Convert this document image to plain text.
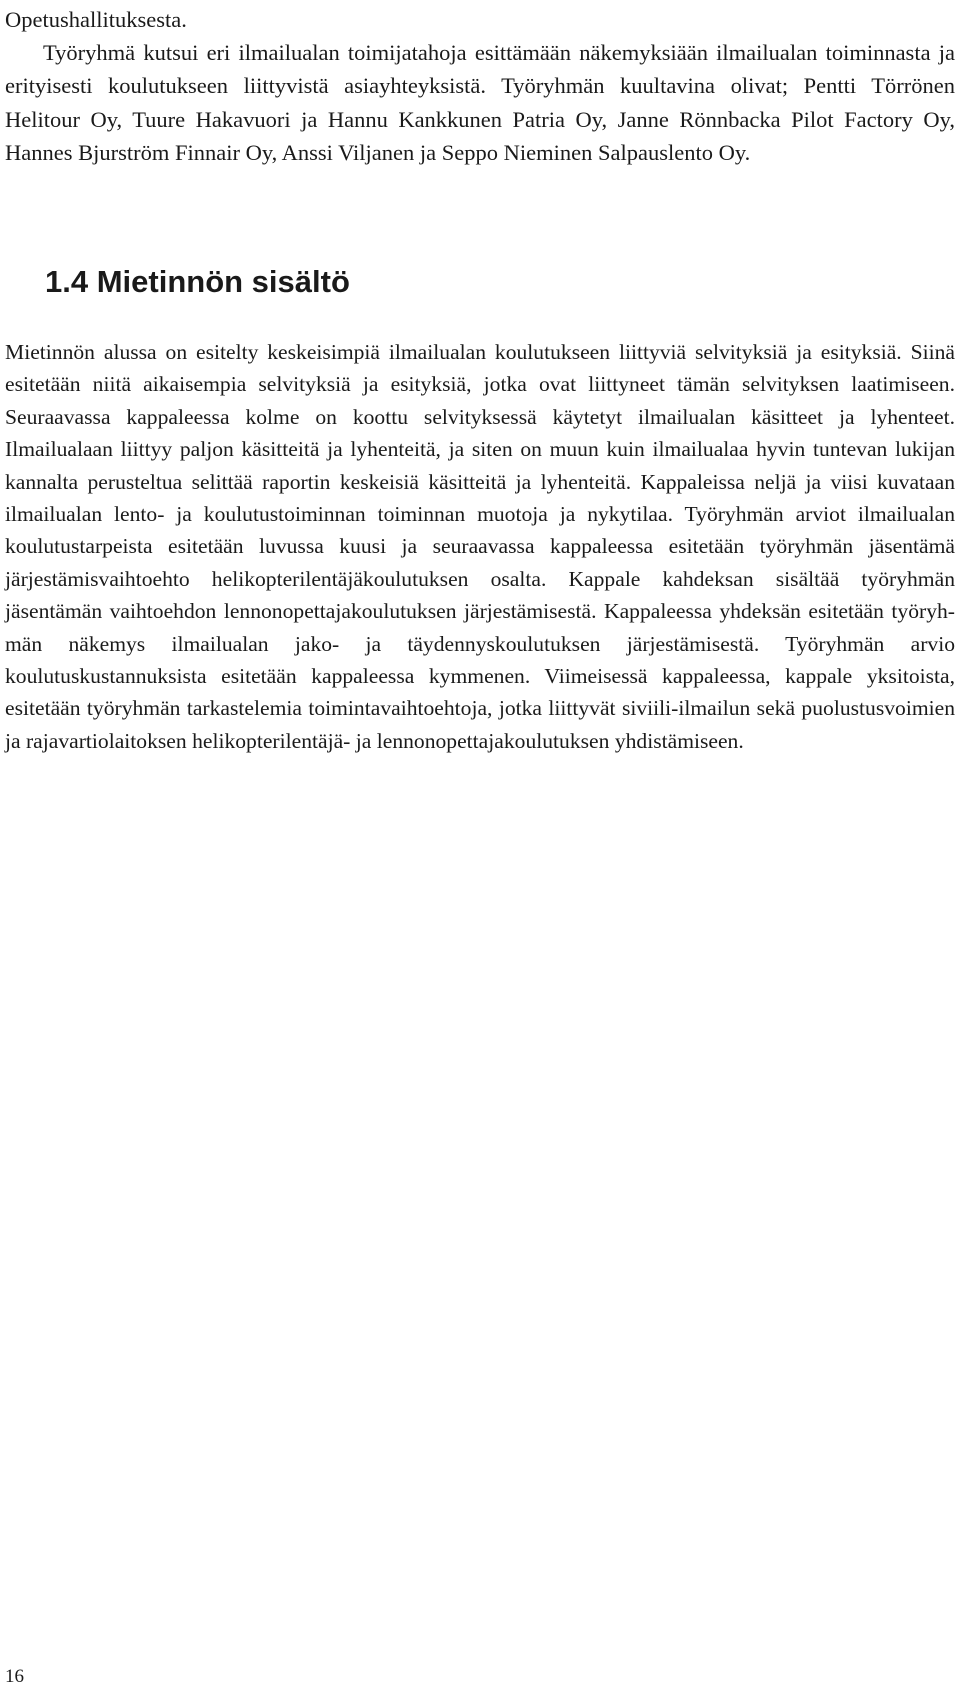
Opetushallituksesta.
Työryhmä kutsui eri ilmailualan toimijatahoja esittämään näkemyksiään ilmailualan toiminnasta ja erityisesti koulutukseen liittyvistä asiayhteyksistä. Työryhmän kuultavina olivat; Pentti Törrönen Helitour Oy, Tuure Hakavuori ja Hannu Kankkunen Patria Oy, Janne Rönnbacka Pilot Factory Oy, Hannes Bjurström Finnair Oy, Anssi Viljanen ja Seppo Nieminen Salpauslento Oy.

1.4 Mietinnön sisältö

Mietinnön alussa on esitelty keskeisimpiä ilmailualan koulutukseen liittyviä selvityksiä ja esityksiä. Siinä esitetään niitä aikaisempia selvityksiä ja esityksiä, jotka ovat liittyneet tämän selvityksen laatimiseen. Seuraavassa kappaleessa kolme on koottu selvityksessä käytetyt ilmailualan käsitteet ja lyhenteet. Ilmailualaan liittyy paljon käsitteitä ja lyhenteitä, ja siten on muun kuin ilmailualaa hyvin tuntevan lukijan kannalta perusteltua selittää raportin keskeisiä käsitteitä ja lyhenteitä. Kappaleissa neljä ja viisi kuvataan ilmailualan lento- ja koulutustoiminnan toiminnan muotoja ja nykytilaa. Työryhmän arviot ilmailualan koulutustarpeista esitetään luvussa kuusi ja seuraavassa kappaleessa esitetään työryhmän jäsentämä järjestämisvaihtoehto helikopterilentäjäkoulutuksen osalta. Kappale kahdeksan sisältää työryhmän jäsentämän vaihtoehdon lennonopettajakoulutuksen järjestämisestä. Kappaleessa yhdeksän esitetään työryhmän näkemys ilmailualan jako- ja täydennyskoulutuksen järjestämisestä. Työryhmän arvio koulutuskustannuksista esitetään kappaleessa kymmenen. Viimeisessä kappaleessa, kappale yksitoista, esitetään työryhmän tarkastelemia toimintavaihtoehtoja, jotka liittyvät siviili-ilmailun sekä puolustusvoimien ja rajavartiolaitoksen helikopterilentäjä- ja lennonopettajakoulutuksen yhdistämiseen.

16
